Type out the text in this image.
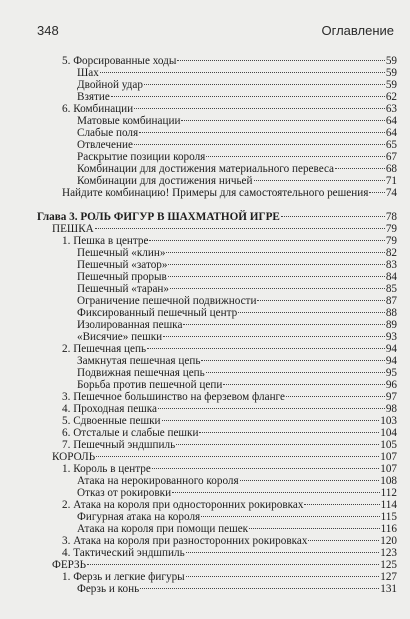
348	Оглавление
5. Форсированные ходы	59
Шах	59
Двойной удар	59
Взятие	62
6. Комбинации	63
Матовые комбинации	64
Слабые поля	64
Отвлечение	65
Раскрытие позиции короля	67
Комбинации для достижения материального перевеса	68
Комбинации для достижения ничьей	71
Найдите комбинацию! Примеры для самостоятельного решения 74
Глава 3. РОЛЬ ФИГУР В ШАХМАТНОЙ ИГРЕ	78
ПЕШКА	79
1. Пешка в центре	79
Пешечный «клин»	82
Пешечный «затор»	83
Пешечный прорыв	84
Пешечный «таран»	85
Ограничение пешечной подвижности	87
Фиксированный пешечный центр	88
Изолированная пешка	89
«Висячие» пешки	93
2. Пешечная цепь	94
Замкнутая пешечная цепь	94
Подвижная пешечная цепь	95
Борьба против пешечной цепи	96
3. Пешечное большинство на ферзевом фланге	97
4. Проходная пешка	98
5. Сдвоенные пешки	103
6. Отсталые и слабые пешки	104
7. Пешечный эндшпиль	105
КОРОЛЬ	107
1. Король в центре	107
Атака на нерокированного короля	108
Отказ от рокировки	112
2. Атака на короля при односторонних рокировках	114
Фигурная атака на короля	115
Атака на короля при помощи пешек	116
3. Атака на короля при разносторонних рокировках	120
4. Тактический эндшпиль	123
ФЕРЗЬ	125
1. Ферзь и легкие фигуры	127
Ферзь и конь	131
